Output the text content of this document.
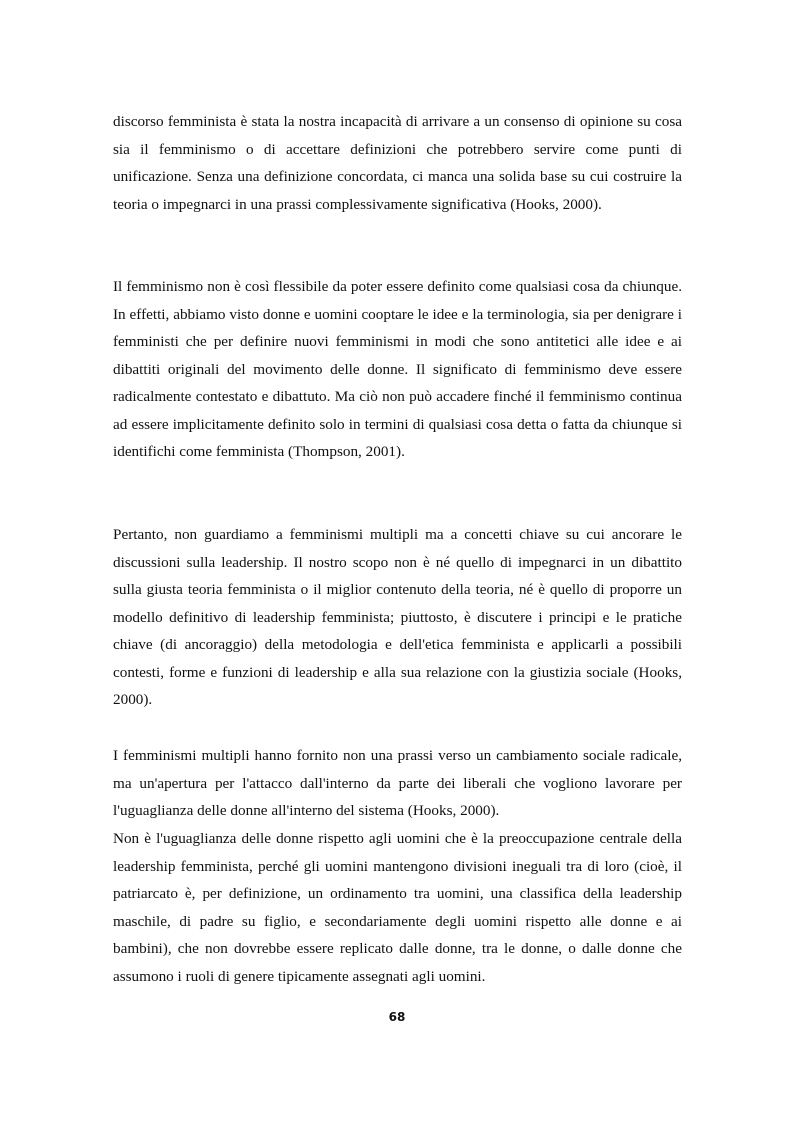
discorso femminista è stata la nostra incapacità di arrivare a un consenso di opinione su cosa sia il femminismo o di accettare definizioni che potrebbero servire come punti di unificazione. Senza una definizione concordata, ci manca una solida base su cui costruire la teoria o impegnarci in una prassi complessivamente significativa (Hooks, 2000).

Il femminismo non è così flessibile da poter essere definito come qualsiasi cosa da chiunque. In effetti, abbiamo visto donne e uomini cooptare le idee e la terminologia, sia per denigrare i femministi che per definire nuovi femminismi in modi che sono antitetici alle idee e ai dibattiti originali del movimento delle donne. Il significato di femminismo deve essere radicalmente contestato e dibattuto. Ma ciò non può accadere finché il femminismo continua ad essere implicitamente definito solo in termini di qualsiasi cosa detta o fatta da chiunque si identifichi come femminista (Thompson, 2001).

Pertanto, non guardiamo a femminismi multipli ma a concetti chiave su cui ancorare le discussioni sulla leadership. Il nostro scopo non è né quello di impegnarci in un dibattito sulla giusta teoria femminista o il miglior contenuto della teoria, né è quello di proporre un modello definitivo di leadership femminista; piuttosto, è discutere i principi e le pratiche chiave (di ancoraggio) della metodologia e dell'etica femminista e applicarli a possibili contesti, forme e funzioni di leadership e alla sua relazione con la giustizia sociale (Hooks, 2000).

I femminismi multipli hanno fornito non una prassi verso un cambiamento sociale radicale, ma un'apertura per l'attacco dall'interno da parte dei liberali che vogliono lavorare per l'uguaglianza delle donne all'interno del sistema (Hooks, 2000).

Non è l'uguaglianza delle donne rispetto agli uomini che è la preoccupazione centrale della leadership femminista, perché gli uomini mantengono divisioni ineguali tra di loro (cioè, il patriarcato è, per definizione, un ordinamento tra uomini, una classifica della leadership maschile, di padre su figlio, e secondariamente degli uomini rispetto alle donne e ai bambini), che non dovrebbe essere replicato dalle donne, tra le donne, o dalle donne che assumono i ruoli di genere tipicamente assegnati agli uomini.

68
